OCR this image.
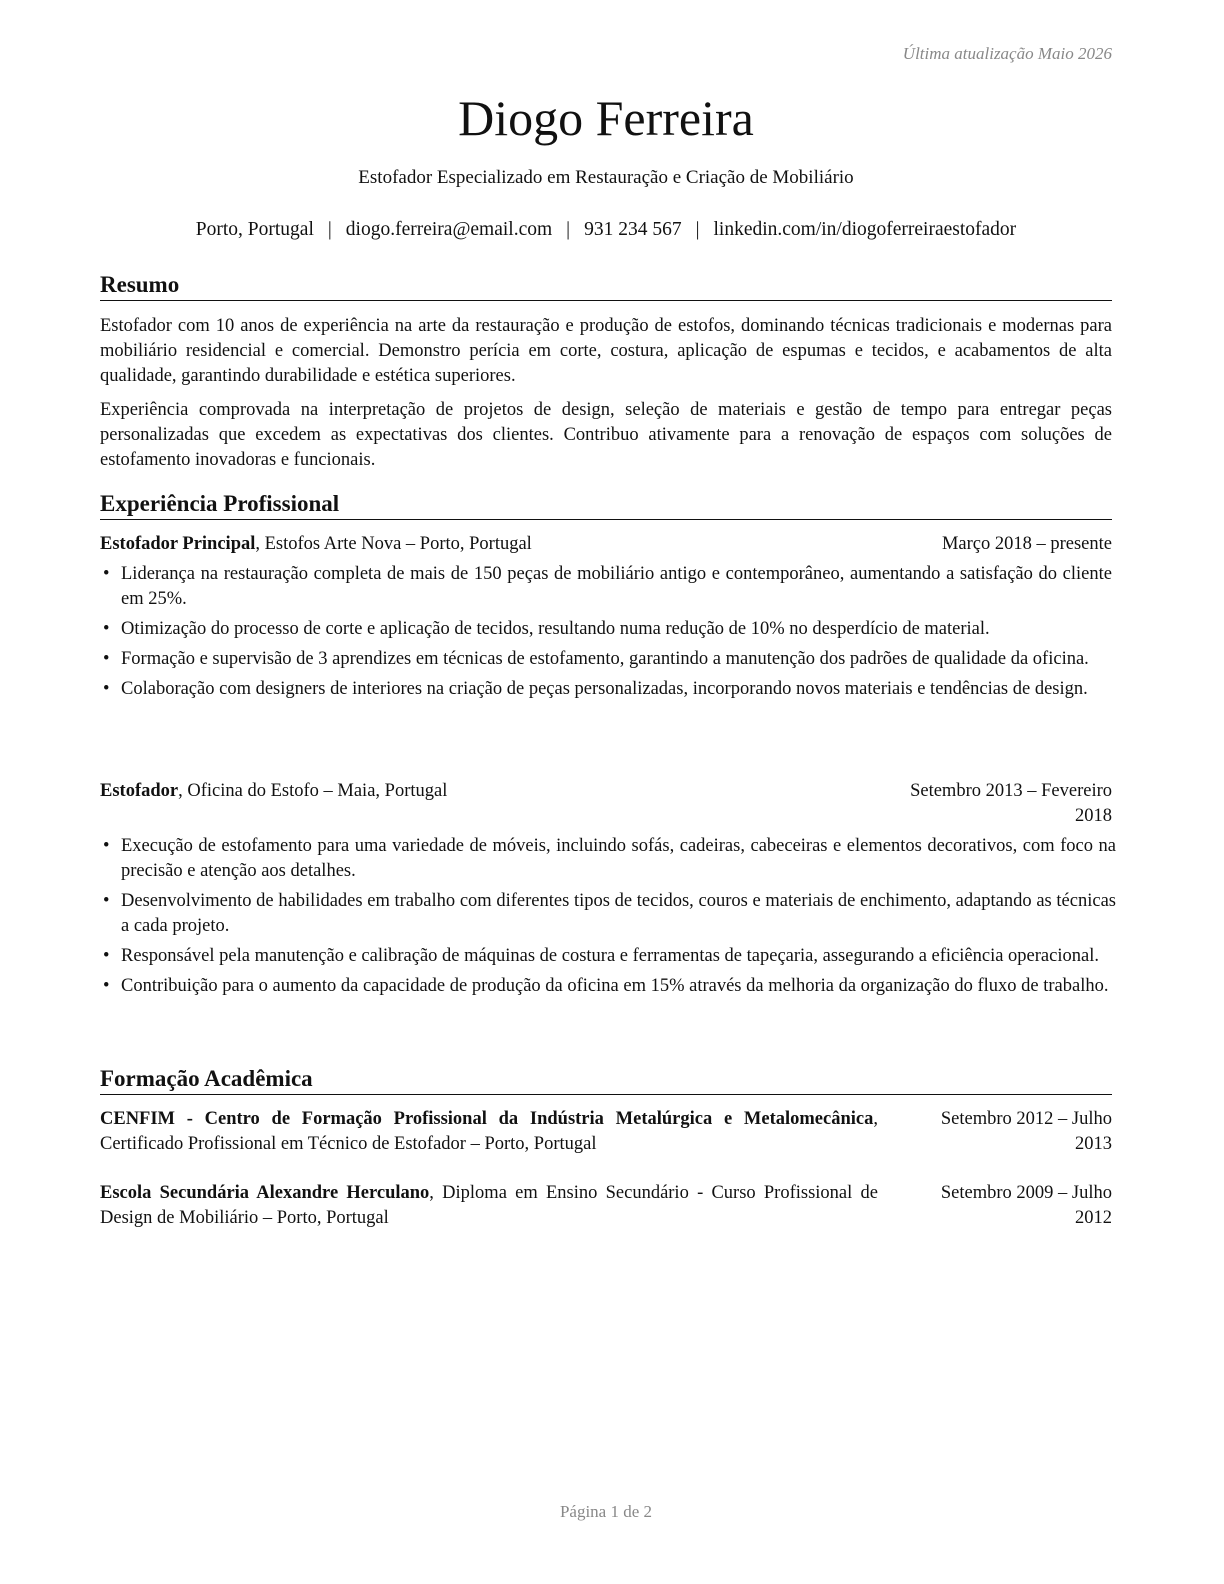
Última atualização Maio 2026
Diogo Ferreira
Estofador Especializado em Restauração e Criação de Mobiliário
Porto, Portugal | diogo.ferreira@email.com | 931 234 567 | linkedin.com/in/diogoferreiraestofador
Resumo

Estofador com 10 anos de experiência na arte da restauração e produção de estofos, dominando técnicas tradicionais e modernas para mobiliário residencial e comercial. Demonstro perícia em corte, costura, aplicação de espumas e tecidos, e acabamentos de alta qualidade, garantindo durabilidade e estética superiores.

Experiência comprovada na interpretação de projetos de design, seleção de materiais e gestão de tempo para entregar peças personalizadas que excedem as expectativas dos clientes. Contribuo ativamente para a renovação de espaços com soluções de estofamento inovadoras e funcionais.

Experiência Profissional
Estofador Principal, Estofos Arte Nova – Porto, Portugal	Março 2018 – presente
• Liderança na restauração completa de mais de 150 peças de mobiliário antigo e contemporâneo, aumentando a satisfação do cliente em 25%.
• Otimização do processo de corte e aplicação de tecidos, resultando numa redução de 10% no desperdício de material.
• Formação e supervisão de 3 aprendizes em técnicas de estofamento, garantindo a manutenção dos padrões de qualidade da oficina.
• Colaboração com designers de interiores na criação de peças personalizadas, incorporando novos materiais e tendências de design.
Estofador, Oficina do Estofo – Maia, Portugal	Setembro 2013 – Fevereiro
2018
• Execução de estofamento para uma variedade de móveis, incluindo sofás, cadeiras, cabeceiras e elementos decorativos, com foco na precisão e atenção aos detalhes.
• Desenvolvimento de habilidades em trabalho com diferentes tipos de tecidos, couros e materiais de enchimento, adaptando as técnicas a cada projeto.
• Responsável pela manutenção e calibração de máquinas de costura e ferramentas de tapeçaria, assegurando a eficiência operacional.
• Contribuição para o aumento da capacidade de produção da oficina em 15% através da melhoria da organização do fluxo de trabalho.
Formação Acadêmica
CENFIM - Centro de Formação Profissional da Indústria Metalúrgica e Metalomecânica, Certificado Profissional em Técnico de Estofador – Porto, Portugal
Setembro 2012 – Julho
2013
Escola Secundária Alexandre Herculano, Diploma em Ensino Secundário - Curso Profissional de Design de Mobiliário – Porto, Portugal
Setembro 2009 – Julho
2012
Página 1 de 2
